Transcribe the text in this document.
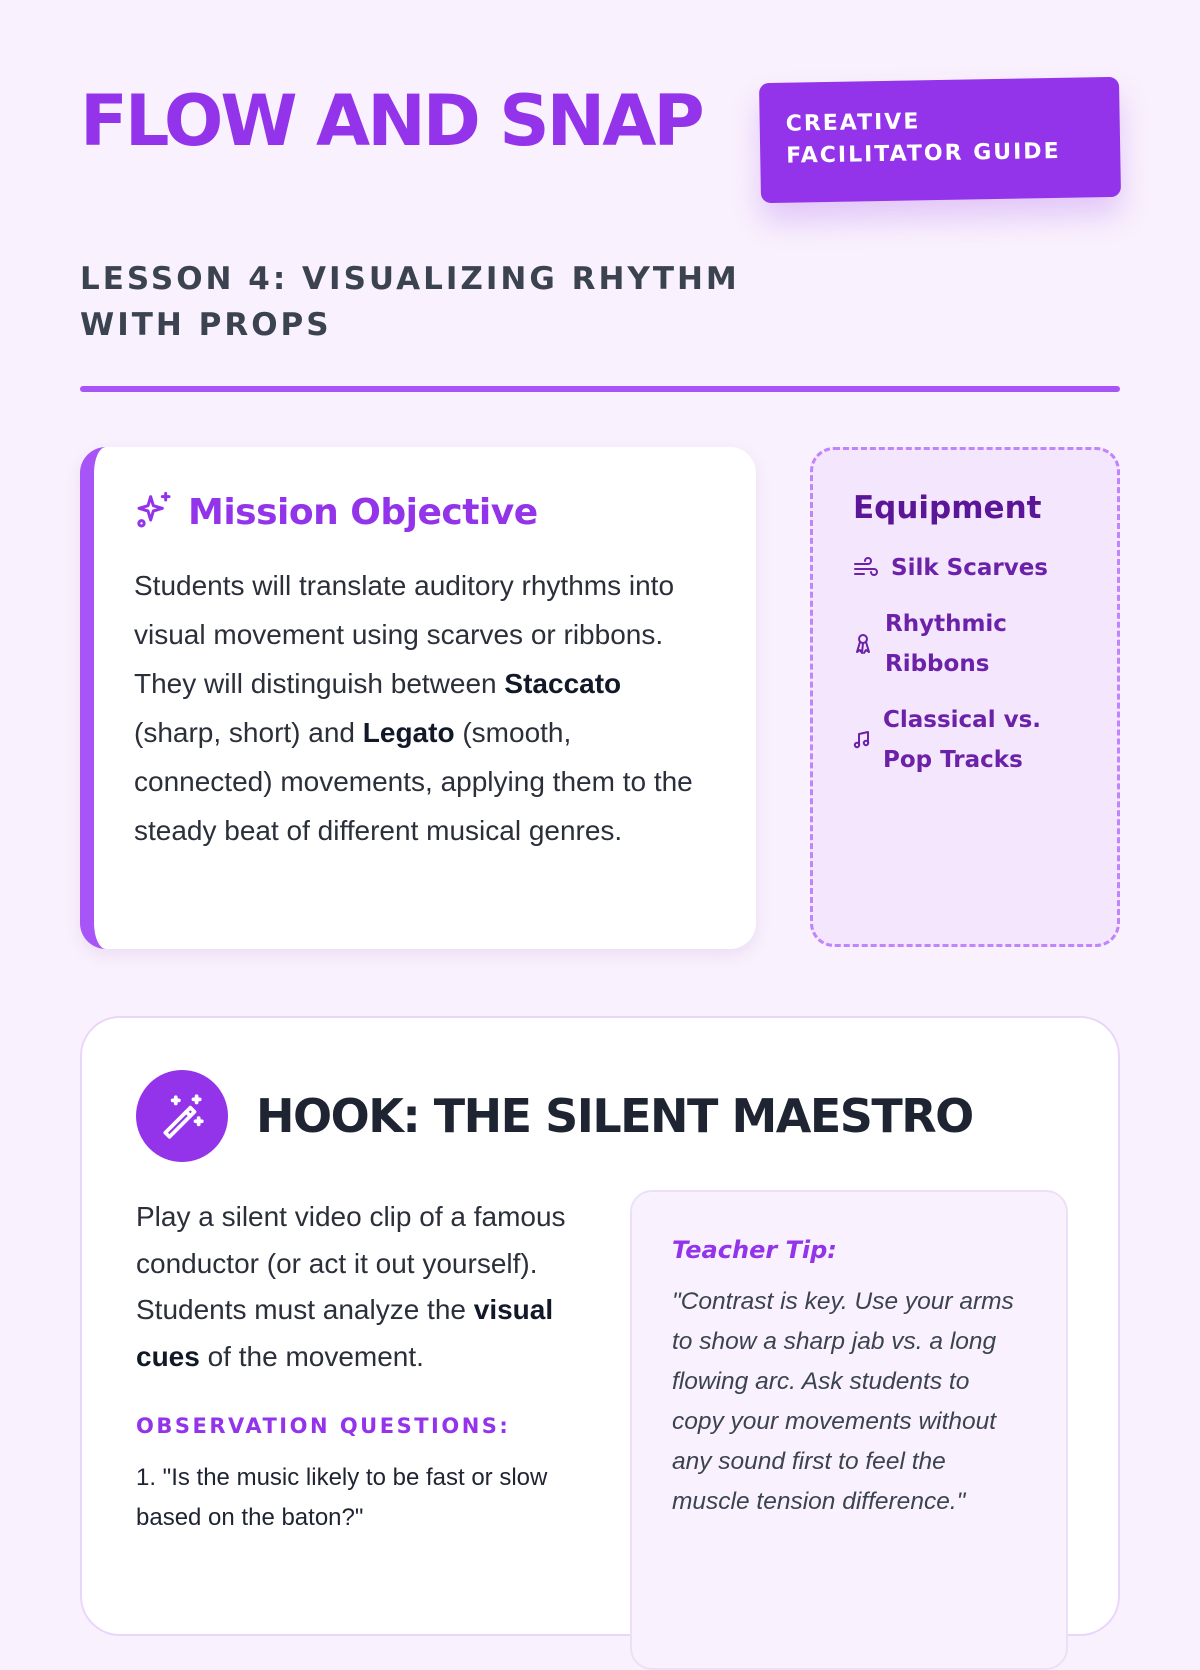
FLOW AND SNAP
LESSON 4: VISUALIZING RHYTHM WITH PROPS
CREATIVE FACILITATOR GUIDE
Mission Objective

Students will translate auditory rhythms into visual movement using scarves or ribbons. They will distinguish between Staccato (sharp, short) and Legato (smooth, connected) movements, applying them to the steady beat of different musical genres.

Equipment
Silk Scarves
Rhythmic Ribbons
Classical vs. Pop Tracks
HOOK: THE SILENT MAESTRO

Play a silent video clip of a famous conductor (or act it out yourself). Students must analyze the visual cues of the movement.

OBSERVATION QUESTIONS:
1. "Is the music likely to be fast or slow based on the baton?"
Teacher Tip:

"Contrast is key. Use your arms to show a sharp jab vs. a long flowing arc. Ask students to copy your movements without any sound first to feel the muscle tension difference."
